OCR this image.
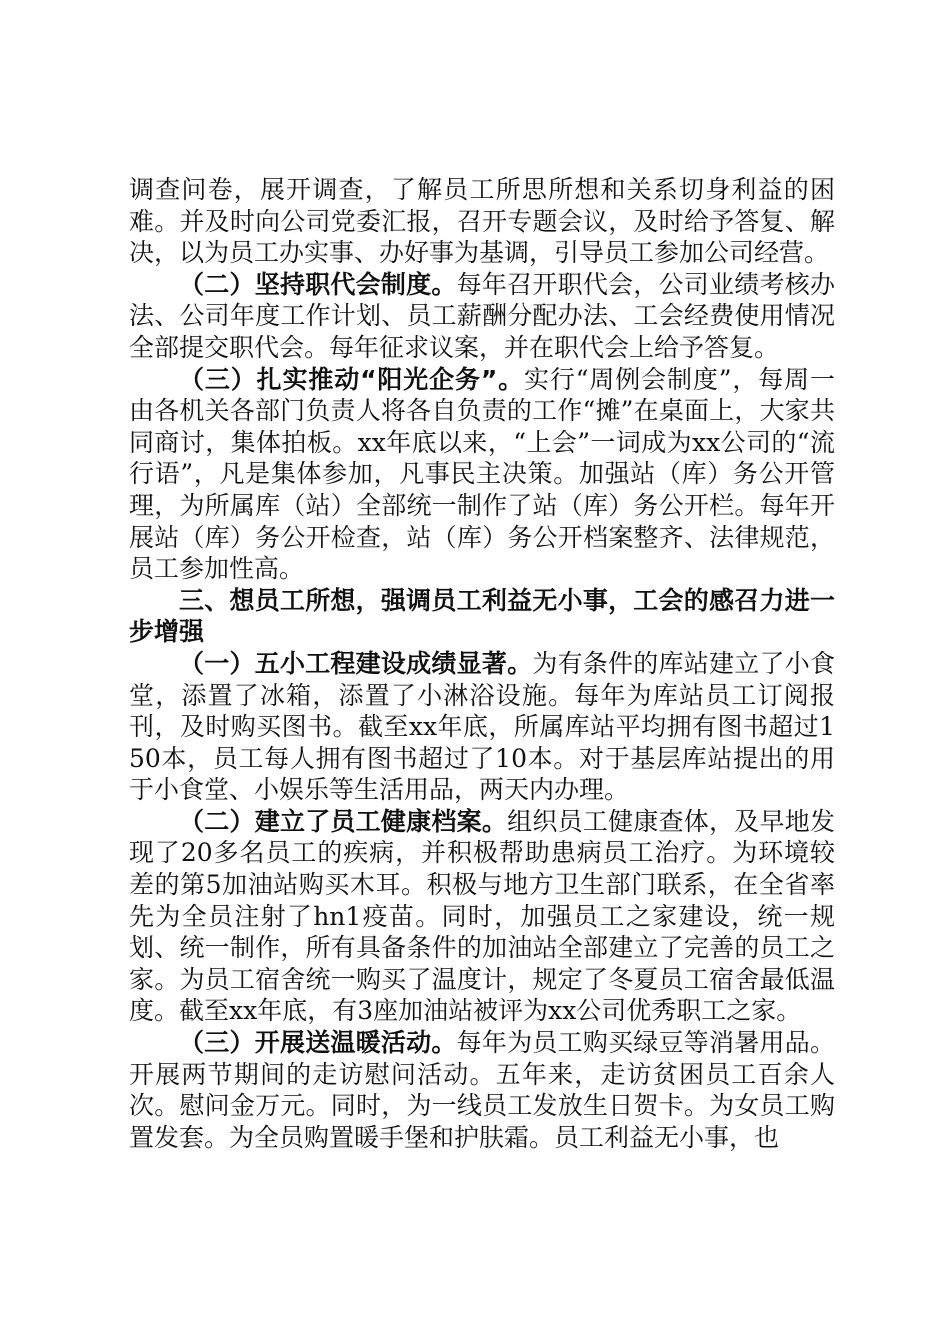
调查问卷，展开调查，了解员工所思所想和关系切身利益的困难。并及时向公司党委汇报，召开专题会议，及时给予答复、解决，以为员工办实事、办好事为基调，引导员工参加公司经营。

（二）坚持职代会制度。每年召开职代会，公司业绩考核办法、公司年度工作计划、员工薪酬分配办法、工会经费使用情况全部提交职代会。每年征求议案，并在职代会上给予答复。

（三）扎实推动“阳光企务”。实行“周例会制度”，每周一由各机关各部门负责人将各自负责的工作“摊”在桌面上，大家共同商讨，集体拍板。xx年底以来，“上会”一词成为xx公司的“流行语”，凡是集体参加，凡事民主决策。加强站（库）务公开管理，为所属库（站）全部统一制作了站（库）务公开栏。每年开展站（库）务公开检查，站（库）务公开档案整齐、法律规范，员工参加性高。

三、想员工所想，强调员工利益无小事，工会的感召力进一步增强

（一）五小工程建设成绩显著。为有条件的库站建立了小食堂，添置了冰箱，添置了小淋浴设施。每年为库站员工订阅报刊，及时购买图书。截至xx年底，所属库站平均拥有图书超过150本，员工每人拥有图书超过了10本。对于基层库站提出的用于小食堂、小娱乐等生活用品，两天内办理。

（二）建立了员工健康档案。组织员工健康查体，及早地发现了20多名员工的疾病，并积极帮助患病员工治疗。为环境较差的第5加油站购买木耳。积极与地方卫生部门联系，在全省率先为全员注射了hn1疫苗。同时，加强员工之家建设，统一规划、统一制作，所有具备条件的加油站全部建立了完善的员工之家。为员工宿舍统一购买了温度计，规定了冬夏员工宿舍最低温度。截至xx年底，有3座加油站被评为xx公司优秀职工之家。

（三）开展送温暖活动。每年为员工购买绿豆等消暑用品。开展两节期间的走访慰问活动。五年来，走访贫困员工百余人次。慰问金万元。同时，为一线员工发放生日贺卡。为女员工购置发套。为全员购置暖手堡和护肤霜。员工利益无小事，也
